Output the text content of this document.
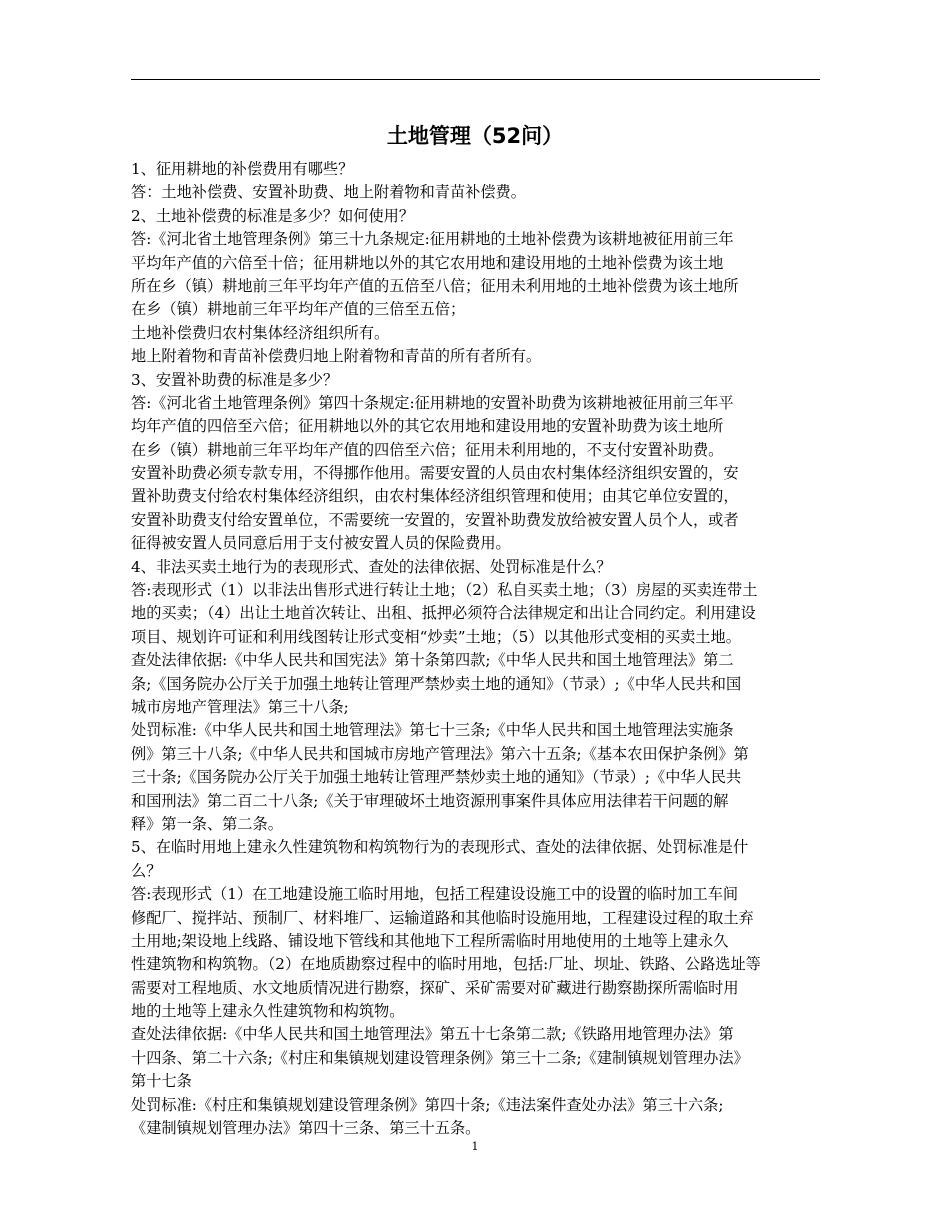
土地管理（52问）
1、征用耕地的补偿费用有哪些？
答：土地补偿费、安置补助费、地上附着物和青苗补偿费。
2、土地补偿费的标准是多少？如何使用？
答:《河北省土地管理条例》第三十九条规定:征用耕地的土地补偿费为该耕地被征用前三年
平均年产值的六倍至十倍；征用耕地以外的其它农用地和建设用地的土地补偿费为该土地
所在乡（镇）耕地前三年平均年产值的五倍至八倍；征用未利用地的土地补偿费为该土地所
在乡（镇）耕地前三年平均年产值的三倍至五倍；
土地补偿费归农村集体经济组织所有。
地上附着物和青苗补偿费归地上附着物和青苗的所有者所有。
3、安置补助费的标准是多少？
答:《河北省土地管理条例》第四十条规定:征用耕地的安置补助费为该耕地被征用前三年平
均年产值的四倍至六倍；征用耕地以外的其它农用地和建设用地的安置补助费为该土地所
在乡（镇）耕地前三年平均年产值的四倍至六倍；征用未利用地的，不支付安置补助费。
安置补助费必须专款专用，不得挪作他用。需要安置的人员由农村集体经济组织安置的，安
置补助费支付给农村集体经济组织，由农村集体经济组织管理和使用；由其它单位安置的，
安置补助费支付给安置单位，不需要统一安置的，安置补助费发放给被安置人员个人，或者
征得被安置人员同意后用于支付被安置人员的保险费用。
4、非法买卖土地行为的表现形式、查处的法律依据、处罚标准是什么？
答:表现形式（1）以非法出售形式进行转让土地；（2）私自买卖土地；（3）房屋的买卖连带土
地的买卖；（4）出让土地首次转让、出租、抵押必须符合法律规定和出让合同约定。利用建设
项目、规划许可证和利用线图转让形式变相“炒卖”土地；（5）以其他形式变相的买卖土地。
查处法律依据:《中华人民共和国宪法》第十条第四款;《中华人民共和国土地管理法》第二
条;《国务院办公厅关于加强土地转让管理严禁炒卖土地的通知》（节录）;《中华人民共和国
城市房地产管理法》第三十八条;
处罚标准:《中华人民共和国土地管理法》第七十三条;《中华人民共和国土地管理法实施条
例》第三十八条;《中华人民共和国城市房地产管理法》第六十五条;《基本农田保护条例》第
三十条;《国务院办公厅关于加强土地转让管理严禁炒卖土地的通知》（节录）;《中华人民共
和国刑法》第二百二十八条;《关于审理破坏土地资源刑事案件具体应用法律若干问题的解
释》第一条、第二条。
5、在临时用地上建永久性建筑物和构筑物行为的表现形式、查处的法律依据、处罚标准是什
么？
答:表现形式（1）在工地建设施工临时用地，包括工程建设设施工中的设置的临时加工车间
修配厂、搅拌站、预制厂、材料堆厂、运输道路和其他临时设施用地，工程建设过程的取土弃
土用地;架设地上线路、铺设地下管线和其他地下工程所需临时用地使用的土地等上建永久
性建筑物和构筑物。（2）在地质勘察过程中的临时用地，包括:厂址、坝址、铁路、公路选址等
需要对工程地质、水文地质情况进行勘察，探矿、采矿需要对矿藏进行勘察勘探所需临时用
地的土地等上建永久性建筑物和构筑物。
查处法律依据:《中华人民共和国土地管理法》第五十七条第二款;《铁路用地管理办法》第
十四条、第二十六条;《村庄和集镇规划建设管理条例》第三十二条;《建制镇规划管理办法》
第十七条
处罚标准:《村庄和集镇规划建设管理条例》第四十条;《违法案件查处办法》第三十六条;
《建制镇规划管理办法》第四十三条、第三十五条。
1
